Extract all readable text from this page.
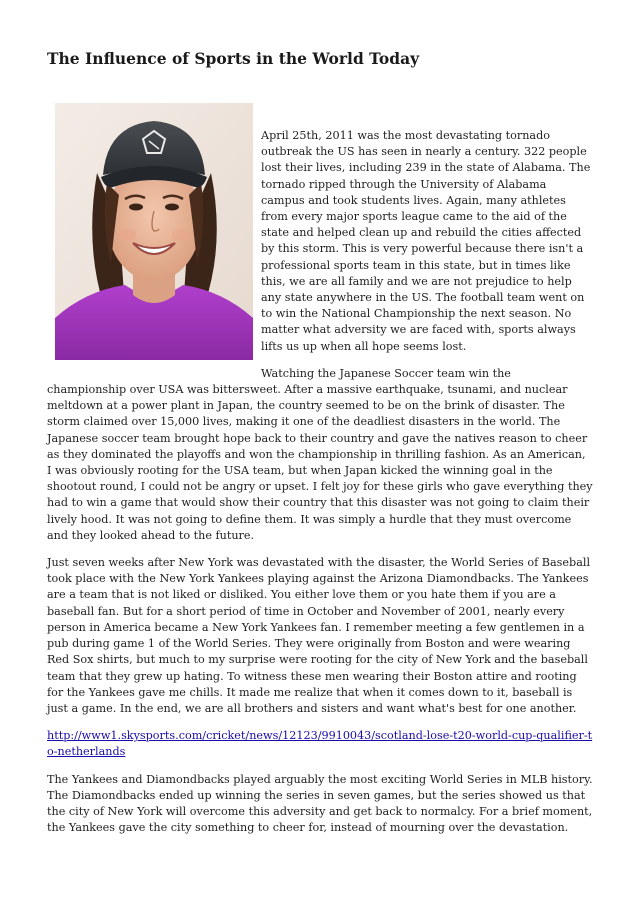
The Influence of Sports in the World Today

April 25th, 2011 was the most devastating tornado outbreak the US has seen in nearly a century. 322 people lost their lives, including 239 in the state of Alabama. The tornado ripped through the University of Alabama campus and took students lives. Again, many athletes from every major sports league came to the aid of the state and helped clean up and rebuild the cities affected by this storm. This is very powerful because there isn't a professional sports team in this state, but in times like this, we are all family and we are not prejudice to help any state anywhere in the US. The football team went on to win the National Championship the next season. No matter what adversity we are faced with, sports always lifts us up when all hope seems lost.

Watching the Japanese Soccer team win the championship over USA was bittersweet. After a massive earthquake, tsunami, and nuclear meltdown at a power plant in Japan, the country seemed to be on the brink of disaster. The storm claimed over 15,000 lives, making it one of the deadliest disasters in the world. The Japanese soccer team brought hope back to their country and gave the natives reason to cheer as they dominated the playoffs and won the championship in thrilling fashion. As an American, I was obviously rooting for the USA team, but when Japan kicked the winning goal in the shootout round, I could not be angry or upset. I felt joy for these girls who gave everything they had to win a game that would show their country that this disaster was not going to claim their lively hood. It was not going to define them. It was simply a hurdle that they must overcome and they looked ahead to the future.

Just seven weeks after New York was devastated with the disaster, the World Series of Baseball took place with the New York Yankees playing against the Arizona Diamondbacks. The Yankees are a team that is not liked or disliked. You either love them or you hate them if you are a baseball fan. But for a short period of time in October and November of 2001, nearly every person in America became a New York Yankees fan. I remember meeting a few gentlemen in a pub during game 1 of the World Series. They were originally from Boston and were wearing Red Sox shirts, but much to my surprise were rooting for the city of New York and the baseball team that they grew up hating. To witness these men wearing their Boston attire and rooting for the Yankees gave me chills. It made me realize that when it comes down to it, baseball is just a game. In the end, we are all brothers and sisters and want what's best for one another.

http://www1.skysports.com/cricket/news/12123/9910043/scotland-lose-t20-world-cup-qualifier-to-netherlands

The Yankees and Diamondbacks played arguably the most exciting World Series in MLB history. The Diamondbacks ended up winning the series in seven games, but the series showed us that the city of New York will overcome this adversity and get back to normalcy. For a brief moment, the Yankees gave the city something to cheer for, instead of mourning over the devastation.
